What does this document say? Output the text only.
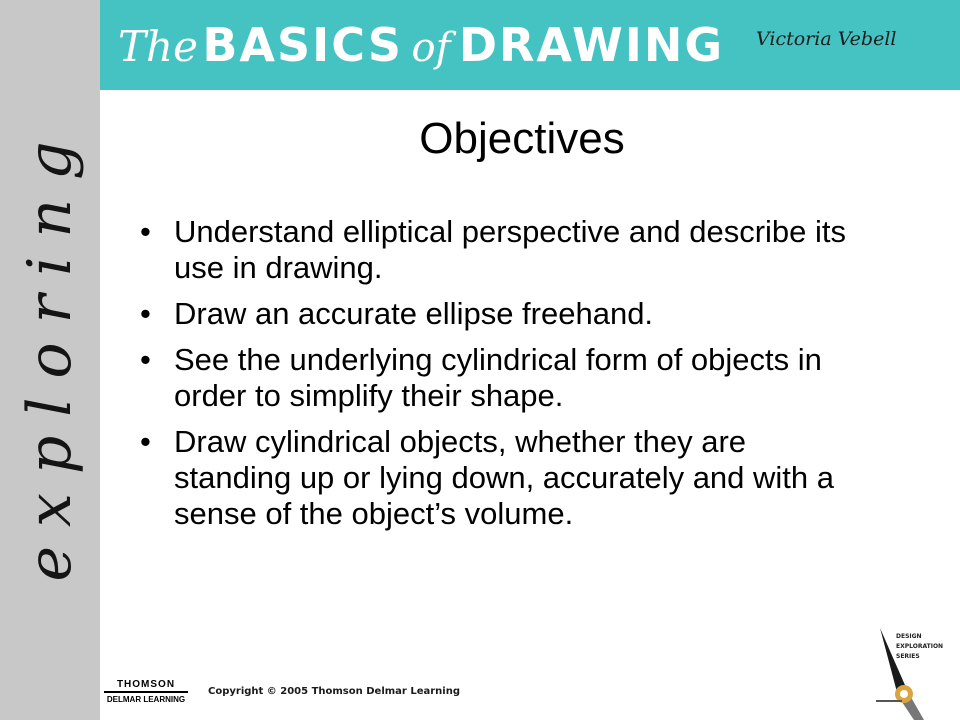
exploring
The BASICS of DRAWING Victoria Vebell
Objectives
• Understand elliptical perspective and describe its use in drawing.
• Draw an accurate ellipse freehand.
• See the underlying cylindrical form of objects in order to simplify their shape.
• Draw cylindrical objects, whether they are standing up or lying down, accurately and with a sense of the object’s volume.
THOMSON
DELMAR LEARNING
Copyright © 2005 Thomson Delmar Learning
DESIGN
EXPLORATION
SERIES
